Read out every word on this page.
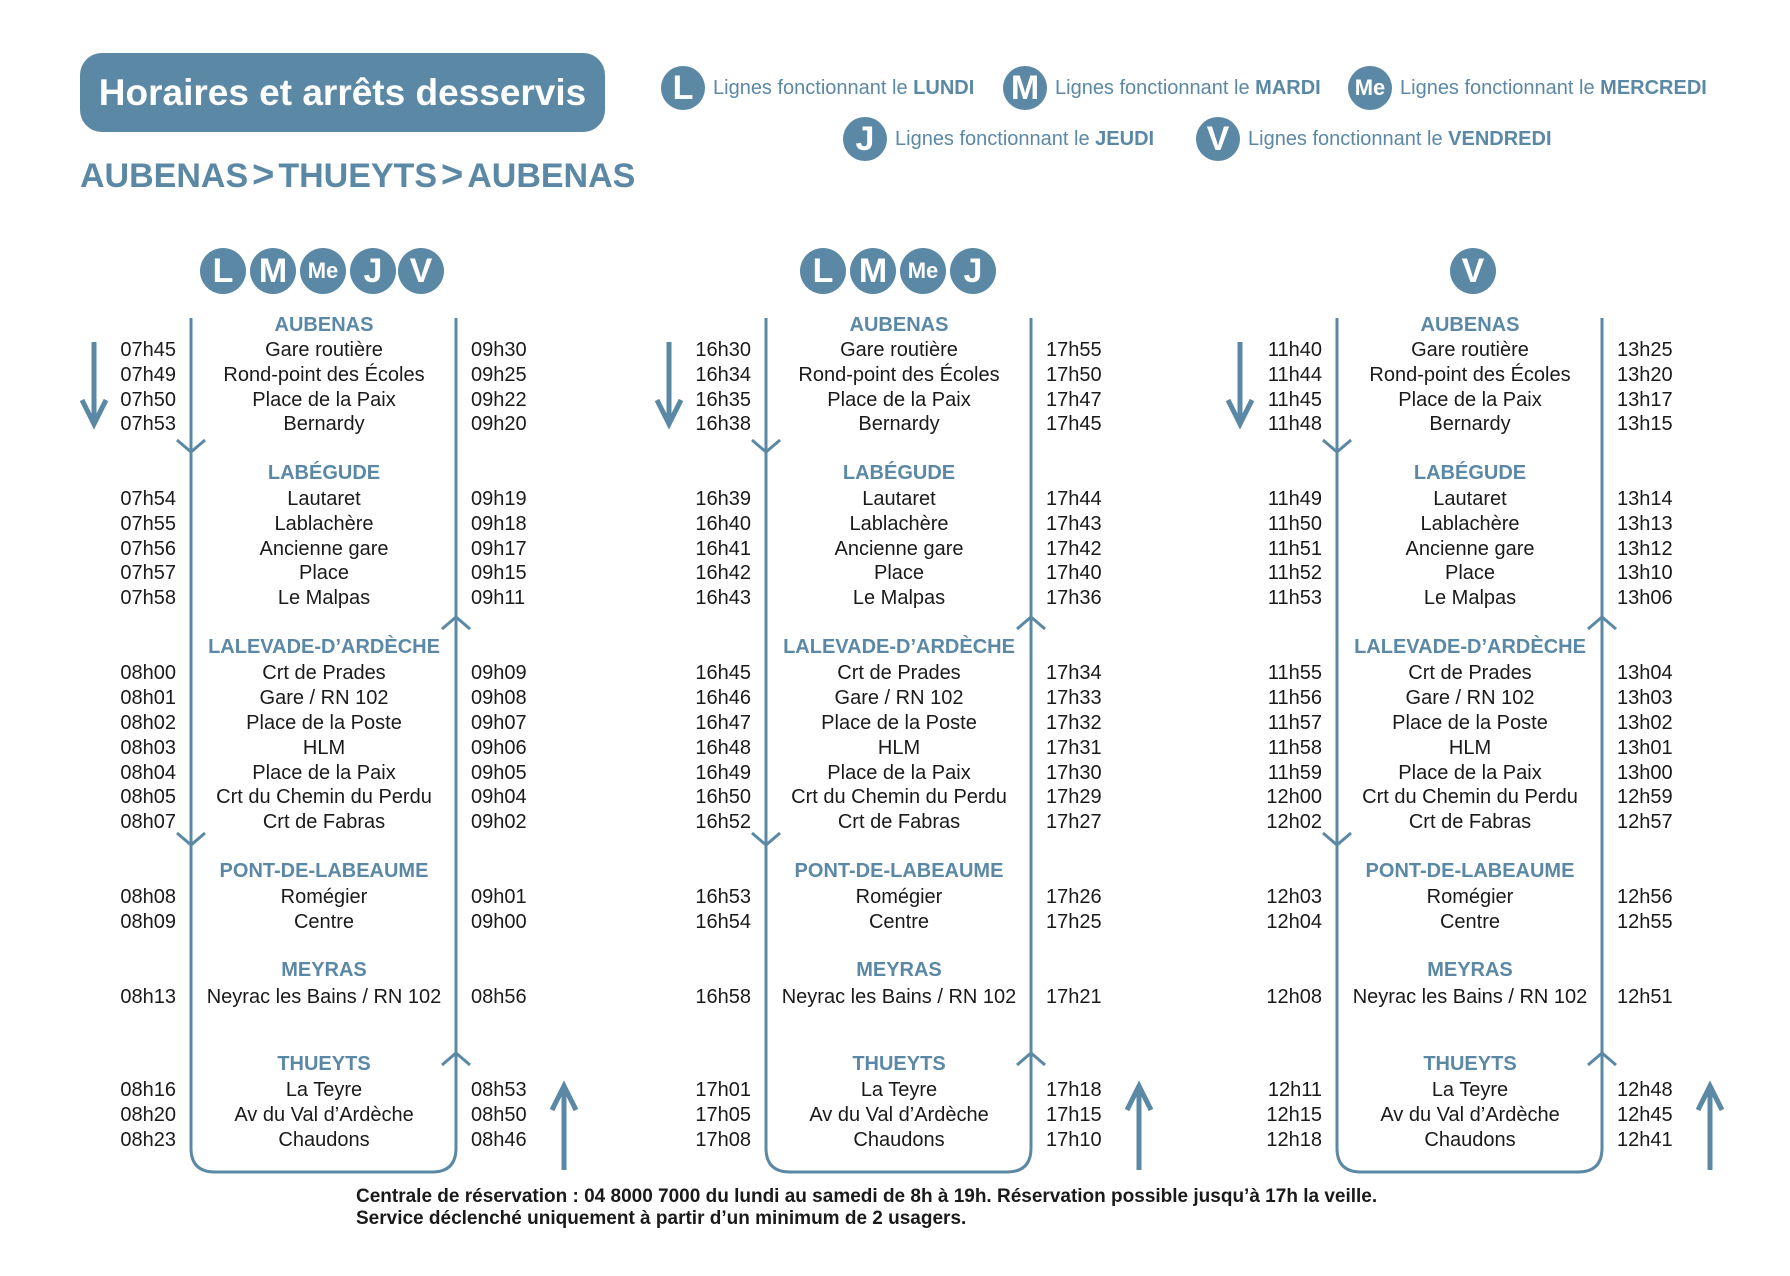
Horaires et arrêts desservis
AUBENAS > THUEYTS > AUBENAS
L Lignes fonctionnant le LUNDI M Lignes fonctionnant le MARDI	Me Lignes fonctionnant le MERCREDI
J	Lignes fonctionnant le JEUDI	V Lignes fonctionnant le VENDREDI
L M Me J V
AUBENAS
LABÉGUDE
LALEVADE-D’ARDÈCHE
PONT-DE-LABEAUME
MEYRAS
THUEYTS
07h45	Gare routière	09h30
07h49	Rond-point des Écoles	09h25
07h50	Place de la Paix	09h22
07h53	Bernardy	09h20
07h54	Lautaret	09h19
07h55	Lablachère	09h18
07h56	Ancienne gare	09h17
07h57	Place	09h15
07h58	Le Malpas	09h11
08h00	Crt de Prades	09h09
08h01	Gare / RN 102	09h08
08h02	Place de la Poste	09h07
08h03	HLM	09h06
08h04	Place de la Paix	09h05
08h05	Crt du Chemin du Perdu	09h04
08h07	Crt de Fabras	09h02
08h08	Romégier	09h01
08h09	Centre	09h00
08h13	Neyrac les Bains / RN 102	08h56
08h16	La Teyre	08h53
08h20	Av du Val d’Ardèche	08h50
08h23	Chaudons	08h46
L M Me J
AUBENAS
LABÉGUDE
LALEVADE-D’ARDÈCHE
PONT-DE-LABEAUME
MEYRAS
THUEYTS
16h30	Gare routière	17h55
16h34	Rond-point des Écoles	17h50
16h35	Place de la Paix	17h47
16h38	Bernardy	17h45
16h39	Lautaret	17h44
16h40	Lablachère	17h43
16h41	Ancienne gare	17h42
16h42	Place	17h40
16h43	Le Malpas	17h36
16h45	Crt de Prades	17h34
16h46	Gare / RN 102	17h33
16h47	Place de la Poste	17h32
16h48	HLM	17h31
16h49	Place de la Paix	17h30
16h50	Crt du Chemin du Perdu	17h29
16h52	Crt de Fabras	17h27
16h53	Romégier	17h26
16h54	Centre	17h25
16h58	Neyrac les Bains / RN 102	17h21
17h01	La Teyre	17h18
17h05	Av du Val d’Ardèche	17h15
17h08	Chaudons	17h10
V
AUBENAS
LABÉGUDE
LALEVADE-D’ARDÈCHE
PONT-DE-LABEAUME
MEYRAS
THUEYTS
11h40	Gare routière	13h25
11h44	Rond-point des Écoles	13h20
11h45	Place de la Paix	13h17
11h48	Bernardy	13h15
11h49	Lautaret	13h14
11h50	Lablachère	13h13
11h51	Ancienne gare	13h12
11h52	Place	13h10
11h53	Le Malpas	13h06
11h55	Crt de Prades	13h04
11h56	Gare / RN 102	13h03
11h57	Place de la Poste	13h02
11h58	HLM	13h01
11h59	Place de la Paix	13h00
12h00	Crt du Chemin du Perdu	12h59
12h02	Crt de Fabras	12h57
12h03	Romégier	12h56
12h04	Centre	12h55
12h08	Neyrac les Bains / RN 102	12h51
12h11	La Teyre	12h48
12h15	Av du Val d’Ardèche	12h45
12h18	Chaudons	12h41
Centrale de réservation : 04 8000 7000 du lundi au samedi de 8h à 19h. Réservation possible jusqu’à 17h la veille.
Service déclenché uniquement à partir d’un minimum de 2 usagers.
